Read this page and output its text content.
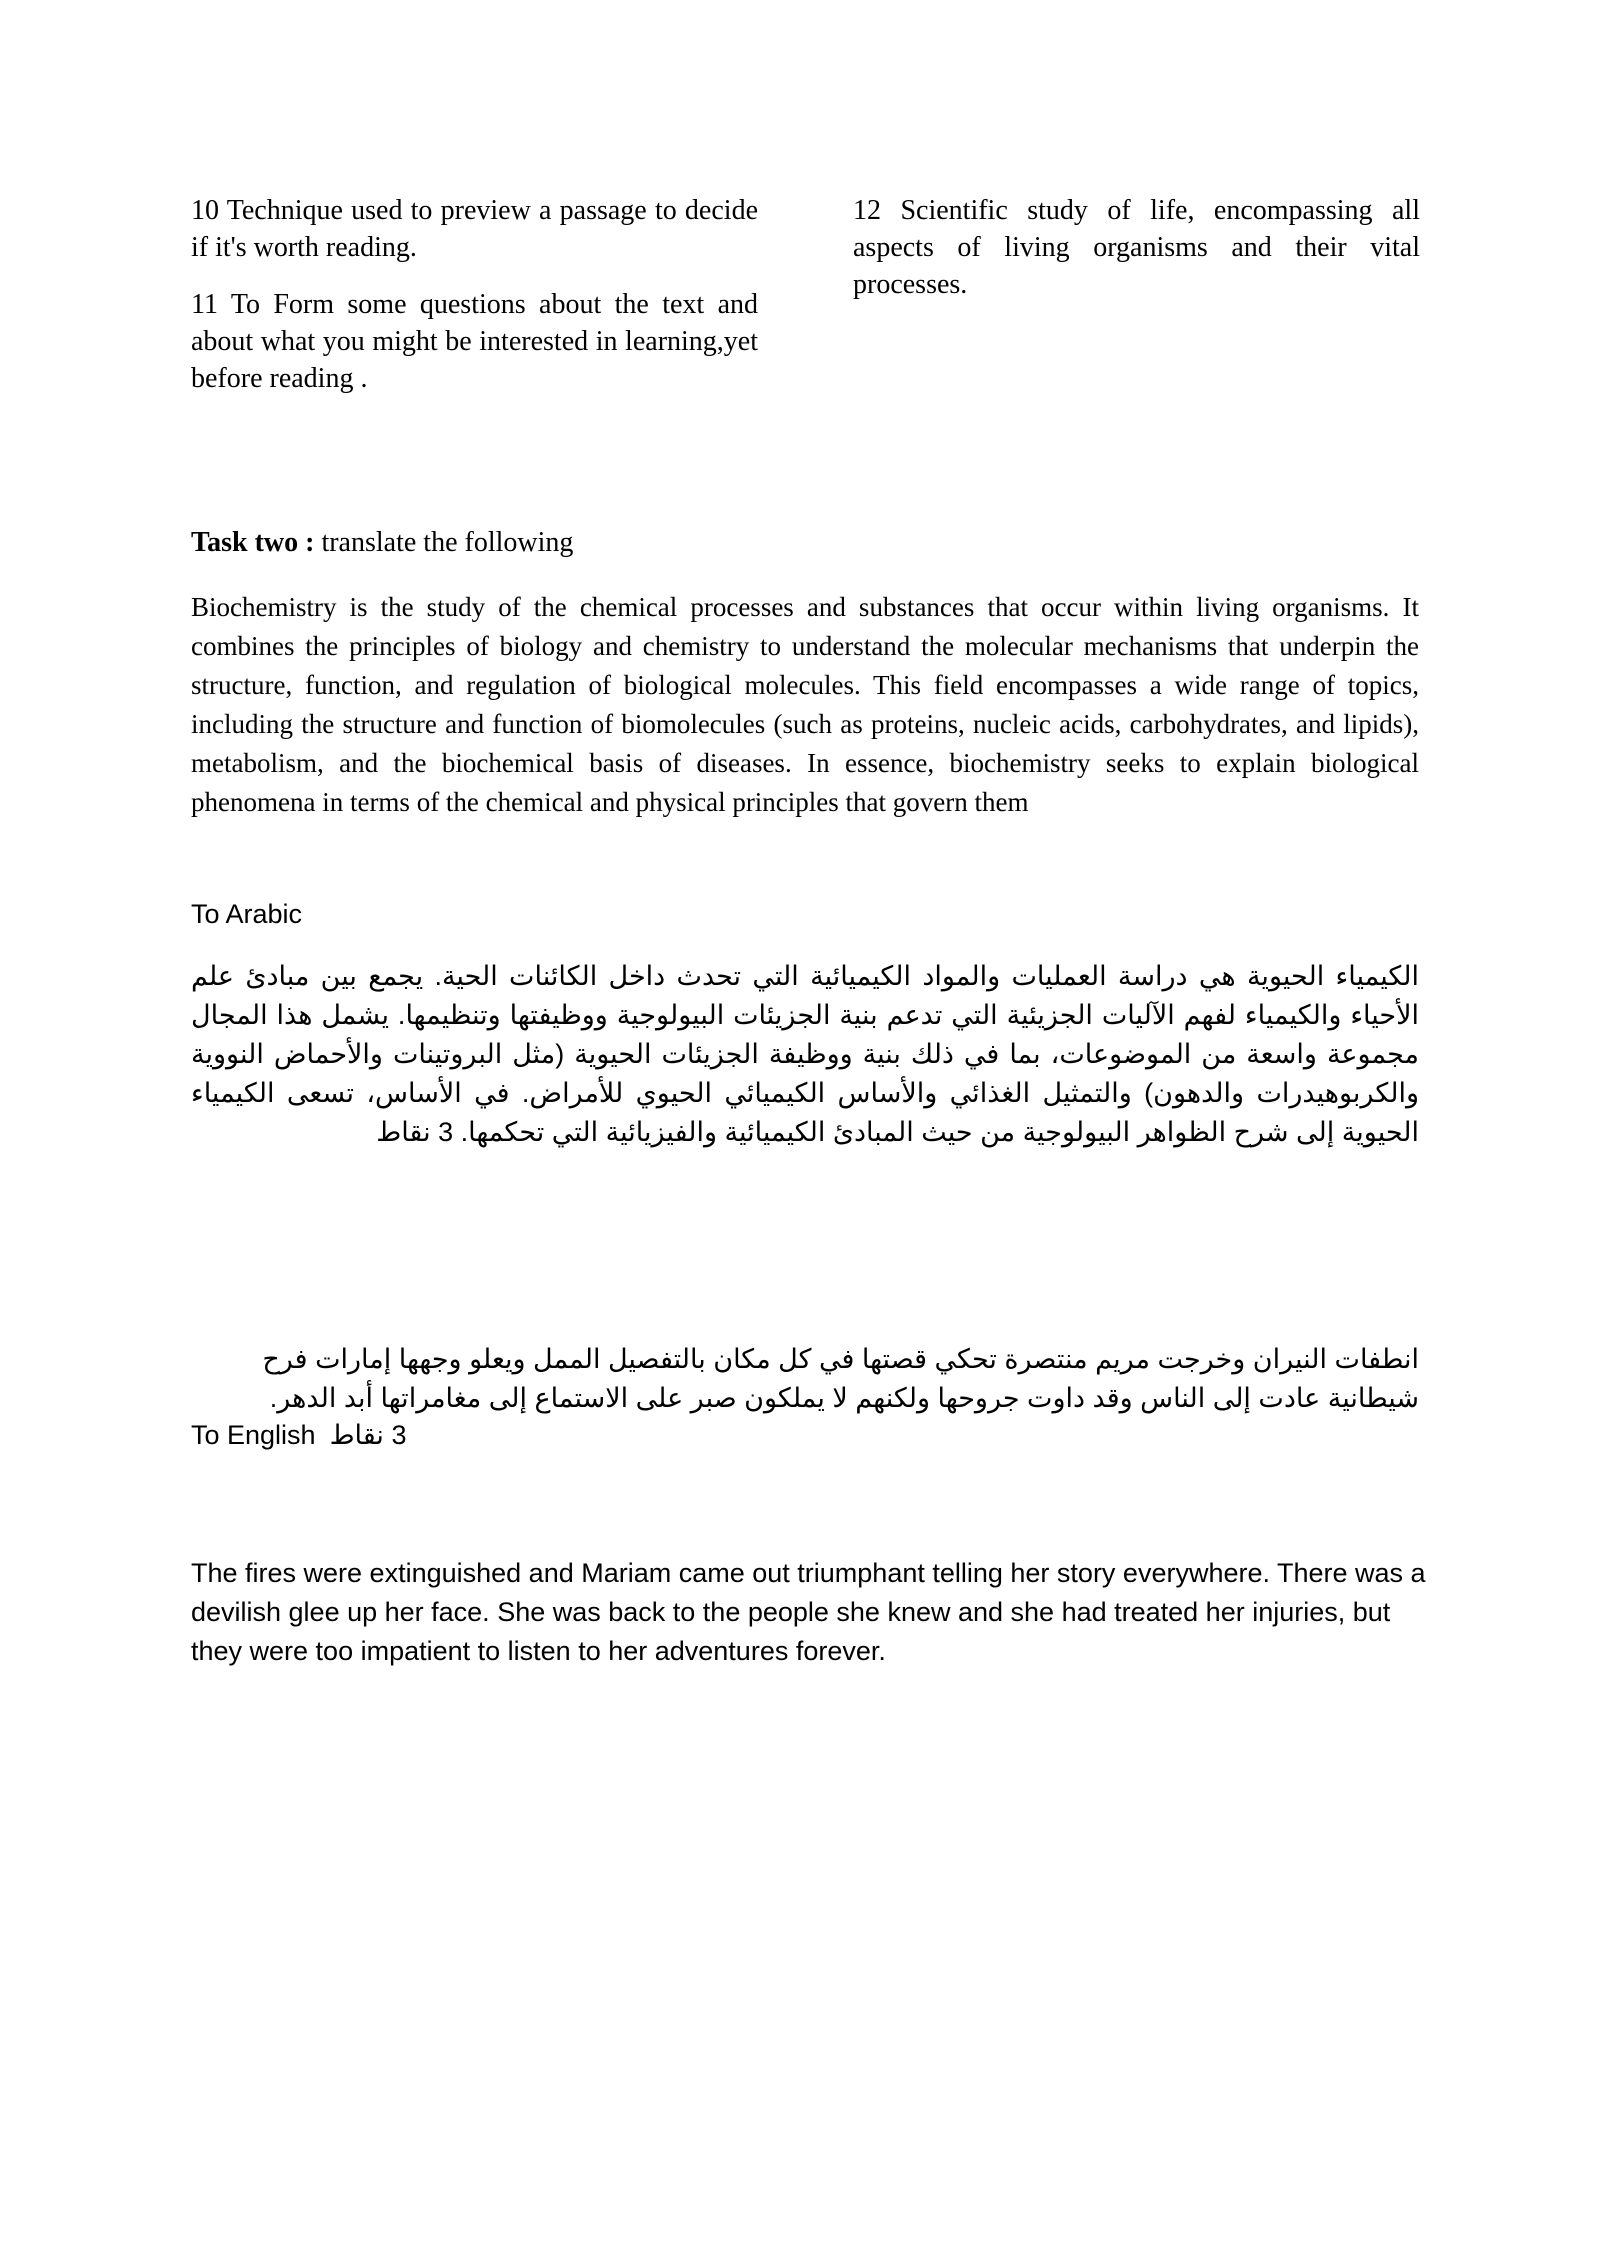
10 Technique used to preview a passage to decide if it's worth reading.

11 To Form some questions about the text and about what you might be interested in learning,yet before reading .

12 Scientific study of life, encompassing all aspects of living organisms and their vital processes.

Task two : translate the following

Biochemistry is the study of the chemical processes and substances that occur within living organisms. It combines the principles of biology and chemistry to understand the molecular mechanisms that underpin the structure, function, and regulation of biological molecules. This field encompasses a wide range of topics, including the structure and function of biomolecules (such as proteins, nucleic acids, carbohydrates, and lipids), metabolism, and the biochemical basis of diseases. In essence, biochemistry seeks to explain biological phenomena in terms of the chemical and physical principles that govern them

To Arabic

الكيمياء الحيوية هي دراسة العمليات والمواد الكيميائية التي تحدث داخل الكائنات الحية. يجمع بين مبادئ علم الأحياء والكيمياء لفهم الآليات الجزيئية التي تدعم بنية الجزيئات البيولوجية ووظيفتها وتنظيمها. يشمل هذا المجال مجموعة واسعة من الموضوعات، بما في ذلك بنية ووظيفة الجزيئات الحيوية (مثل البروتينات والأحماض النووية والكربوهيدرات والدهون) والتمثيل الغذائي والأساس الكيميائي الحيوي للأمراض. في الأساس، تسعى الكيمياء الحيوية إلى شرح الظواهر البيولوجية من حيث المبادئ الكيميائية والفيزيائية التي تحكمها. 3 نقاط

انطفات النيران وخرجت مريم منتصرة تحكي قصتها في كل مكان بالتفصيل الممل ويعلو وجهها إمارات فرح شيطانية عادت إلى الناس وقد داوت جروحها ولكنهم لا يملكون صبر على الاستماع إلى مغامراتها أبد الدهر.

To English 3 نقاط

The fires were extinguished and Mariam came out triumphant telling her story everywhere. There was a devilish glee up her face. She was back to the people she knew and she had treated her injuries, but they were too impatient to listen to her adventures forever.
